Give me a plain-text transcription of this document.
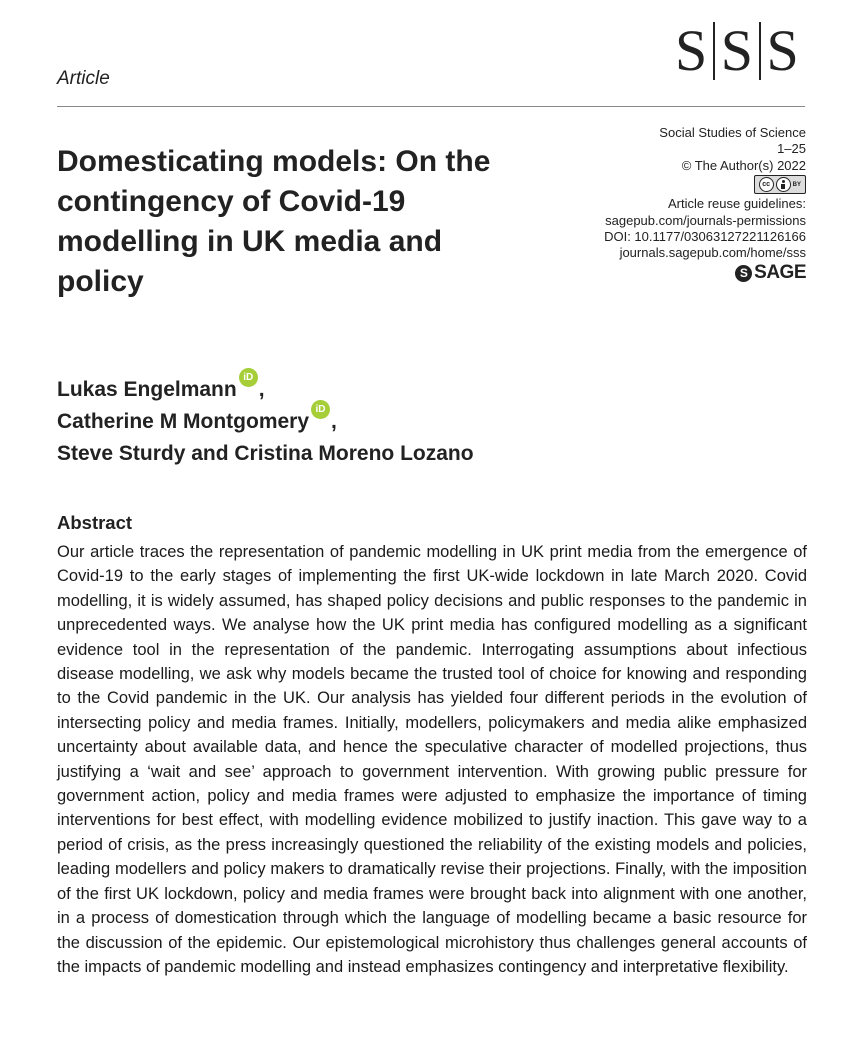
Article	S S S
Domesticating models: On the contingency of Covid-19 modelling in UK media and policy
Social Studies of Science
1–25
© The Author(s) 2022
cc	BY
Article reuse guidelines:
sagepub.com/journals-permissions
DOI: 10.1177/03063127221126166
journals.sagepub.com/home/sss
S SAGE
Lukas Engelmann
iD
,
Catherine M Montgomery
iD
,
Steve Sturdy and Cristina Moreno Lozano
Abstract

Our article traces the representation of pandemic modelling in UK print media from the emergence of Covid-19 to the early stages of implementing the first UK-wide lockdown in late March 2020. Covid modelling, it is widely assumed, has shaped policy decisions and public responses to the pandemic in unprecedented ways. We analyse how the UK print media has configured modelling as a significant evidence tool in the representation of the pandemic. Interrogating assumptions about infectious disease modelling, we ask why models became the trusted tool of choice for knowing and responding to the Covid pandemic in the UK. Our analysis has yielded four different periods in the evolution of intersecting policy and media frames. Initially, modellers, policymakers and media alike emphasized uncertainty about available data, and hence the speculative character of modelled projections, thus justifying a ‘wait and see’ approach to government intervention. With growing public pressure for government action, policy and media frames were adjusted to emphasize the importance of timing interventions for best effect, with modelling evidence mobilized to justify inaction. This gave way to a period of crisis, as the press increasingly questioned the reliability of the existing models and policies, leading modellers and policy makers to dramatically revise their projections. Finally, with the imposition of the first UK lockdown, policy and media frames were brought back into alignment with one another, in a process of domestication through which the language of modelling became a basic resource for the discussion of the epidemic. Our epistemological microhistory thus challenges general accounts of the impacts of pandemic modelling and instead emphasizes contingency and interpretative flexibility.
